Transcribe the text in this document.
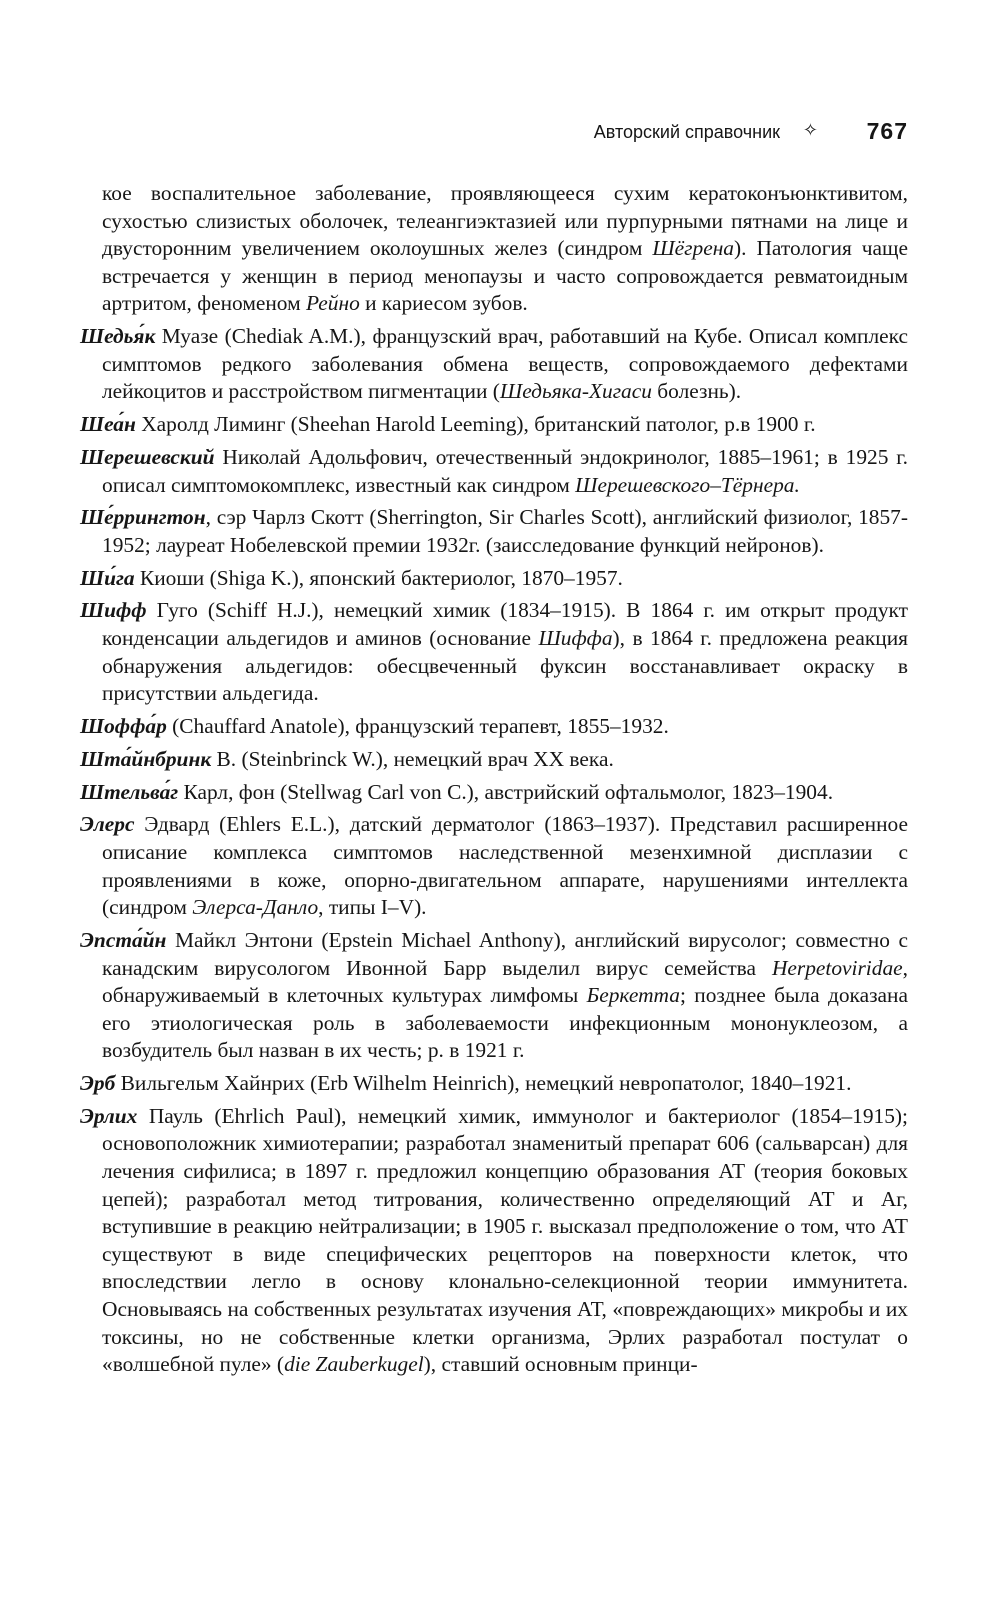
Авторский справочник ✧ 767

кое воспалительное заболевание, проявляющееся сухим кератоконъюнктивитом, сухостью слизистых оболочек, телеангиэктазией или пурпурными пятнами на лице и двусторонним увеличением околоушных желез (синдром Шёгрена). Патология чаще встречается у женщин в период менопаузы и часто сопровождается ревматоидным артритом, феноменом Рейно и кариесом зубов.

Шедья́к Муазе (Chediak A.M.), французский врач, работавший на Кубе. Описал комплекс симптомов редкого заболевания обмена веществ, сопровождаемого дефектами лейкоцитов и расстройством пигментации (Шедьяка-Хигаси болезнь).

Шеа́н Харолд Лиминг (Sheehan Harold Leeming), британский патолог, р.в 1900 г.

Шерешевский Николай Адольфович, отечественный эндокринолог, 1885–1961; в 1925 г. описал симптомокомплекс, известный как синдром Шерешевского–Тёрнера.

Ше́ррингтон, сэр Чарлз Скотт (Sherrington, Sir Charles Scott), английский физиолог, 1857-1952; лауреат Нобелевской премии 1932г. (заисследование функций нейронов).

Ши́га Киоши (Shiga K.), японский бактериолог, 1870–1957.

Шифф Гуго (Schiff H.J.), немецкий химик (1834–1915). В 1864 г. им открыт продукт конденсации альдегидов и аминов (основание Шиффа), в 1864 г. предложена реакция обнаружения альдегидов: обесцвеченный фуксин восстанавливает окраску в присутствии альдегида.

Шоффа́р (Chauffard Anatole), французский терапевт, 1855–1932.

Шта́йнбринк В. (Steinbrinck W.), немецкий врач XX века.

Штельва́г Карл, фон (Stellwag Carl von C.), австрийский офтальмолог, 1823–1904.

Элерс Эдвард (Ehlers E.L.), датский дерматолог (1863–1937). Представил расширенное описание комплекса симптомов наследственной мезенхимной дисплазии с проявлениями в коже, опорно-двигательном аппарате, нарушениями интеллекта (синдром Элерса-Данло, типы I–V).

Эпста́йн Майкл Энтони (Epstein Michael Anthony), английский вирусолог; совместно с канадским вирусологом Ивонной Барр выделил вирус семейства Herpetoviridae, обнаруживаемый в клеточных культурах лимфомы Беркетта; позднее была доказана его этиологическая роль в заболеваемости инфекционным мононуклеозом, а возбудитель был назван в их честь; р. в 1921 г.

Эрб Вильгельм Хайнрих (Erb Wilhelm Heinrich), немецкий невропатолог, 1840–1921.

Эрлих Пауль (Ehrlich Paul), немецкий химик, иммунолог и бактериолог (1854–1915); основоположник химиотерапии; разработал знаменитый препарат 606 (сальварсан) для лечения сифилиса; в 1897 г. предложил концепцию образования АТ (теория боковых цепей); разработал метод титрования, количественно определяющий АТ и Аг, вступившие в реакцию нейтрализации; в 1905 г. высказал предположение о том, что АТ существуют в виде специфических рецепторов на поверхности клеток, что впоследствии легло в основу клонально-селекционной теории иммунитета. Основываясь на собственных результатах изучения АТ, «повреждающих» микробы и их токсины, но не собственные клетки организма, Эрлих разработал постулат о «волшебной пуле» (die Zauberkugel), ставший основным принци-
